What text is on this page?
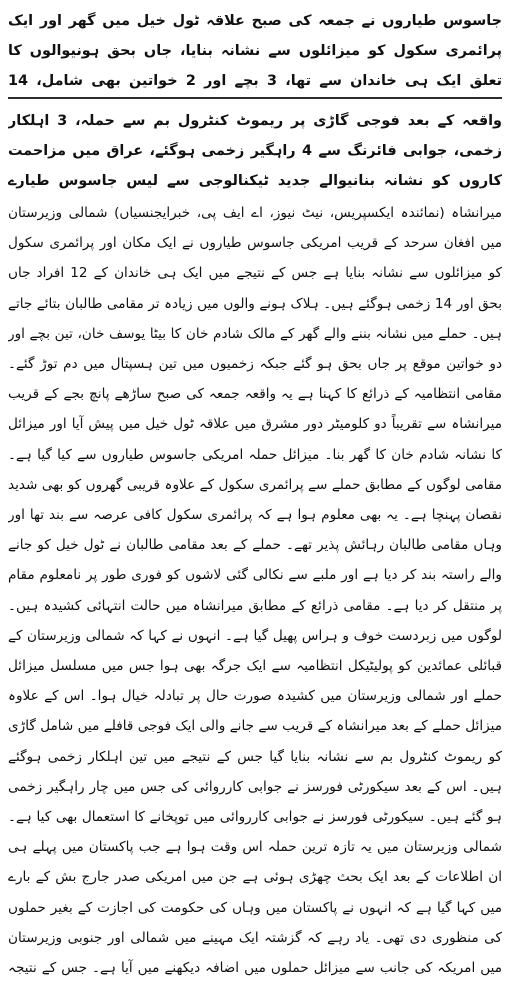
جاسوس طیاروں نے جمعہ کی صبح علاقہ ٹول خیل میں گھر اور ایک پرائمری سکول کو میزائلوں سے نشانہ بنایا، جاں بحق ہونیوالوں کا تعلق ایک ہی خاندان سے تھا، 3 بچے اور 2 خواتین بھی شامل، 14

واقعہ کے بعد فوجی گاڑی پر ریموٹ کنٹرول بم سے حملہ، 3 اہلکار زخمی، جوابی فائرنگ سے 4 راہگیر زخمی ہوگئے، عراق میں مزاحمت کاروں کو نشانہ بنانیوالے جدید ٹیکنالوجی سے لیس جاسوس طیارے

میرانشاہ (نمائندہ ایکسپریس، نیٹ نیوز، اے ایف پی، خبرایجنسیاں) شمالی وزیرستان میں افغان سرحد کے قریب امریکی جاسوس طیاروں نے ایک مکان اور پرائمری سکول کو میزائلوں سے نشانہ بنایا ہے جس کے نتیجے میں ایک ہی خاندان کے 12 افراد جاں بحق اور 14 زخمی ہوگئے ہیں۔ ہلاک ہونے والوں میں زیادہ تر مقامی طالبان بتائے جاتے ہیں۔ حملے میں نشانہ بننے والے گھر کے مالک شادم خان کا بیٹا یوسف خان، تین بچے اور دو خواتین موقع پر جاں بحق ہو گئے جبکہ زخمیوں میں تین ہسپتال میں دم توڑ گئے۔ مقامی انتظامیہ کے ذرائع کا کہنا ہے یہ واقعہ جمعہ کی صبح ساڑھے پانچ بجے کے قریب میرانشاہ سے تقریباً دو کلومیٹر دور مشرق میں علاقہ ٹول خیل میں پیش آیا اور میزائل کا نشانہ شادم خان کا گھر بنا۔ میزائل حملہ امریکی جاسوس طیاروں سے کیا گیا ہے۔ مقامی لوگوں کے مطابق حملے سے پرائمری سکول کے علاوہ قریبی گھروں کو بھی شدید نقصان پہنچا ہے۔ یہ بھی معلوم ہوا ہے کہ پرائمری سکول کافی عرصہ سے بند تھا اور وہاں مقامی طالبان رہائش پذیر تھے۔ حملے کے بعد مقامی طالبان نے ٹول خیل کو جانے والے راستہ بند کر دیا ہے اور ملبے سے نکالی گئی لاشوں کو فوری طور پر نامعلوم مقام پر منتقل کر دیا ہے۔ مقامی ذرائع کے مطابق میرانشاہ میں حالت انتہائی کشیدہ ہیں۔ لوگوں میں زبردست خوف و ہراس پھیل گیا ہے۔ انہوں نے کہا کہ شمالی وزیرستان کے قبائلی عمائدین کو پولیٹیکل انتظامیہ سے ایک جرگہ بھی ہوا جس میں مسلسل میزائل حملے اور شمالی وزیرستان میں کشیدہ صورت حال پر تبادلہ خیال ہوا۔ اس کے علاوہ میزائل حملے کے بعد میرانشاہ کے قریب سے جانے والی ایک فوجی قافلے میں شامل گاڑی کو ریموٹ کنٹرول بم سے نشانہ بنایا گیا جس کے نتیجے میں تین اہلکار زخمی ہوگئے ہیں۔ اس کے بعد سیکورٹی فورسز نے جوابی کارروائی کی جس میں چار راہگیر زخمی ہو گئے ہیں۔ سیکورٹی فورسز نے جوابی کارروائی میں توپخانے کا استعمال بھی کیا ہے۔ شمالی وزیرستان میں یہ تازہ ترین حملہ اس وقت ہوا ہے جب پاکستان میں پہلے ہی ان اطلاعات کے بعد ایک بحث چھڑی ہوئی ہے جن میں امریکی صدر جارج بش کے بارے میں کہا گیا ہے کہ انہوں نے پاکستان میں وہاں کی حکومت کی اجازت کے بغیر حملوں کی منظوری دی تھی۔ یاد رہے کہ گزشتہ ایک مہینے میں شمالی اور جنوبی وزیرستان میں امریکہ کی جانب سے میزائل حملوں میں اضافہ دیکھنے میں آیا ہے۔ جس کے نتیجہ
